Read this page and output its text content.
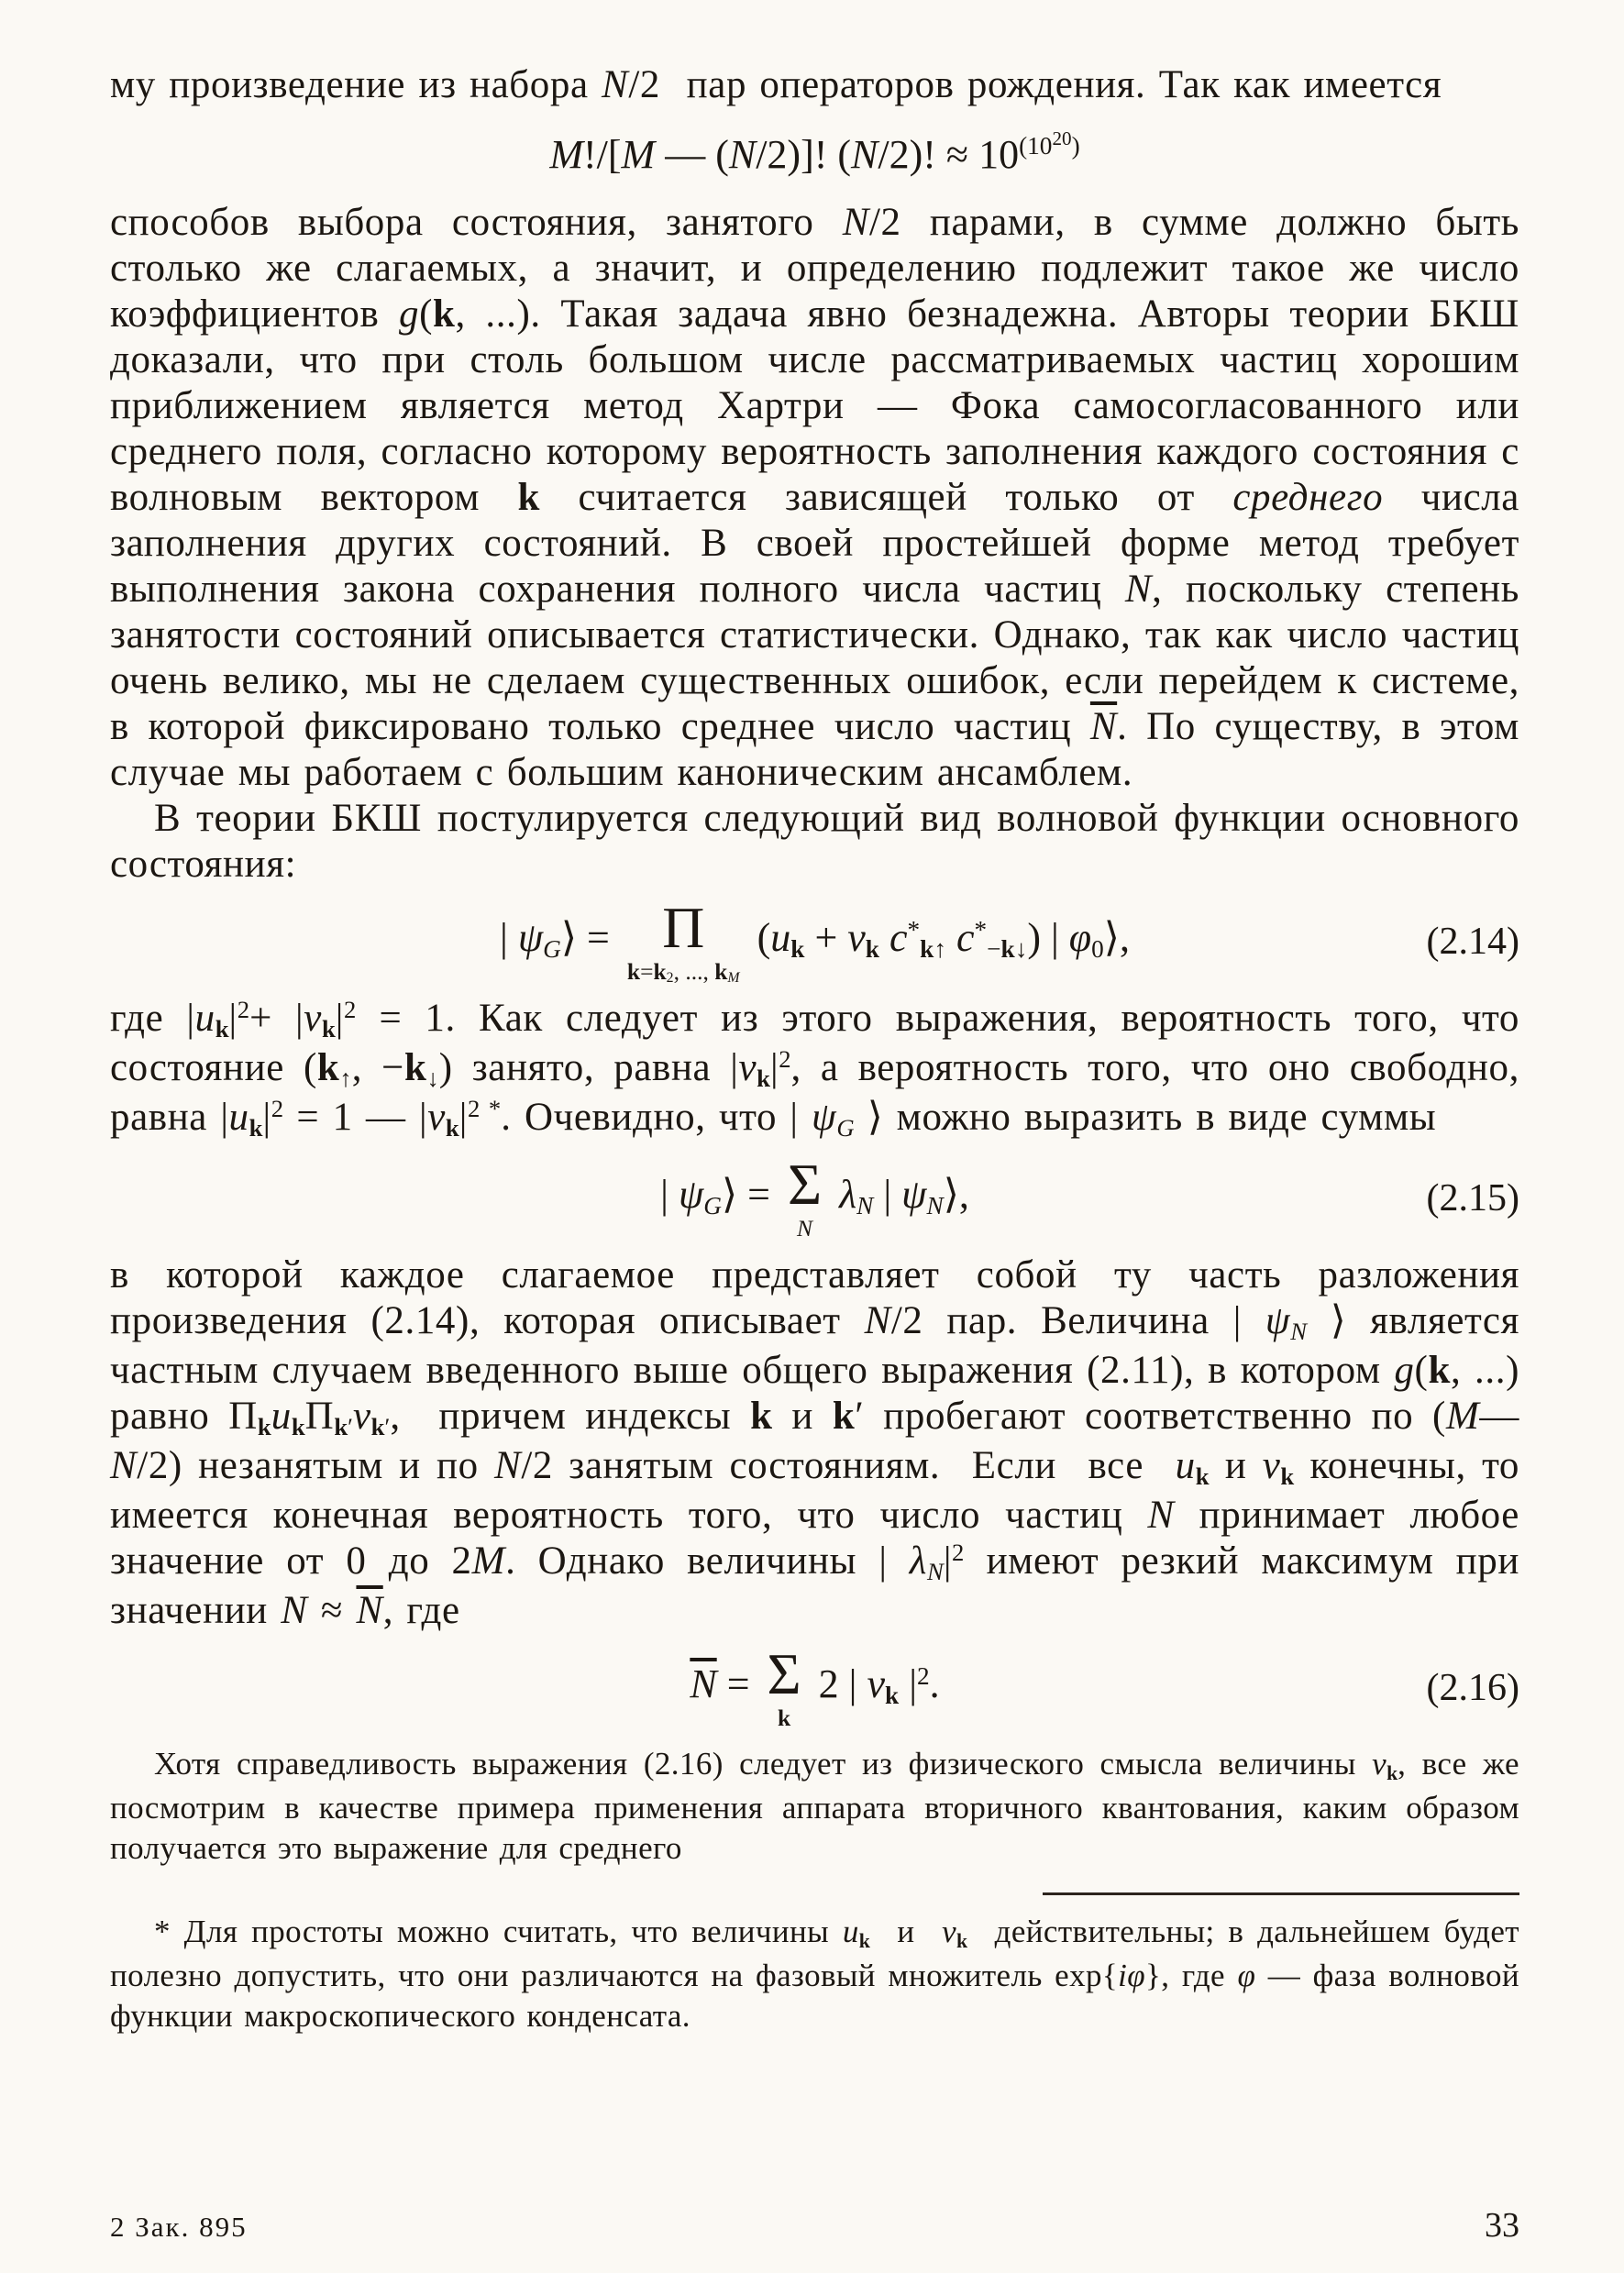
му произведение из набора N/2  пар операторов рождения. Так как имеется

M!/[M — (N/2)]! (N/2)! ≈ $10^{(1020)}$

способов выбора состояния, занятого N/2 парами, в сумме должно быть столько же слагаемых, а значит, и определению подлежит такое же число коэффициентов g(k, ...). Такая задача явно безнадежна. Авторы теории БКШ доказали, что при столь большом числе рассматриваемых частиц хорошим приближением является метод Хартри — Фока самосогласованного или среднего поля, согласно которому вероятность заполнения каждого состояния с волновым вектором k считается зависящей только от среднего числа заполнения других состояний. В своей простейшей форме метод требует выполнения закона сохранения полного числа частиц N, поскольку степень занятости состояний описывается статистически. Однако, так как число частиц очень велико, мы не сделаем существенных ошибок, если перейдем к системе, в которой фиксировано только среднее число частиц $\overline{N}$. По существу, в этом случае мы работаем с большим каноническим ансамблем.

В теории БКШ постулируется следующий вид волновой функции основного состояния:

| ψG⟩ = Π
k=k2, ..., kM
(uk + vk c*k↑ c*−k↓) | φ0⟩,	(2.14)

где $|uk|^2+ |vk|^2 = 1$. Как следует из этого выражения, вероятность того, что состояние (k↑, −k↓) занято, равна $|vk|^2$, а вероятность того, что оно свободно, равна $|uk|^2 = 1$ — $|vk|^{2 *}$. Очевидно, что | ψG ⟩ можно выразить в виде суммы

| ψG⟩ = Σ
N
λN | ψN⟩,	(2.15)

в которой каждое слагаемое представляет собой ту часть разложения произведения (2.14), которая описывает N/2 пар. Величина | ψN ⟩ является частным случаем введенного выше общего выражения (2.11), в котором g(k, ...) равно ΠkukΠk′vk′,  причем индексы k и k′ пробегают соответственно по (M—N/2) незанятым и по N/2 занятым состояниям.  Если  все  uk и vk конечны, то имеется конечная вероятность того, что число частиц N принимает любое значение от 0 до 2M. Однако величины | $\lambda N|^2$ имеют резкий максимум при значении $N \approx \overline{N}$, где

$\overline{N} = \Sigma$
k
2 | vk $|^2$.	(2.16)

Хотя справедливость выражения (2.16) следует из физического смысла величины vk, все же посмотрим в качестве примера применения аппарата вторичного квантования, каким образом получается это выражение для среднего

* Для простоты можно считать, что величины uk  и  vk  действительны; в дальнейшем будет полезно допустить, что они различаются на фазовый множитель exp{iφ}, где φ — фаза волновой функции макроскопического конденсата.

2 Зак. 895	33
